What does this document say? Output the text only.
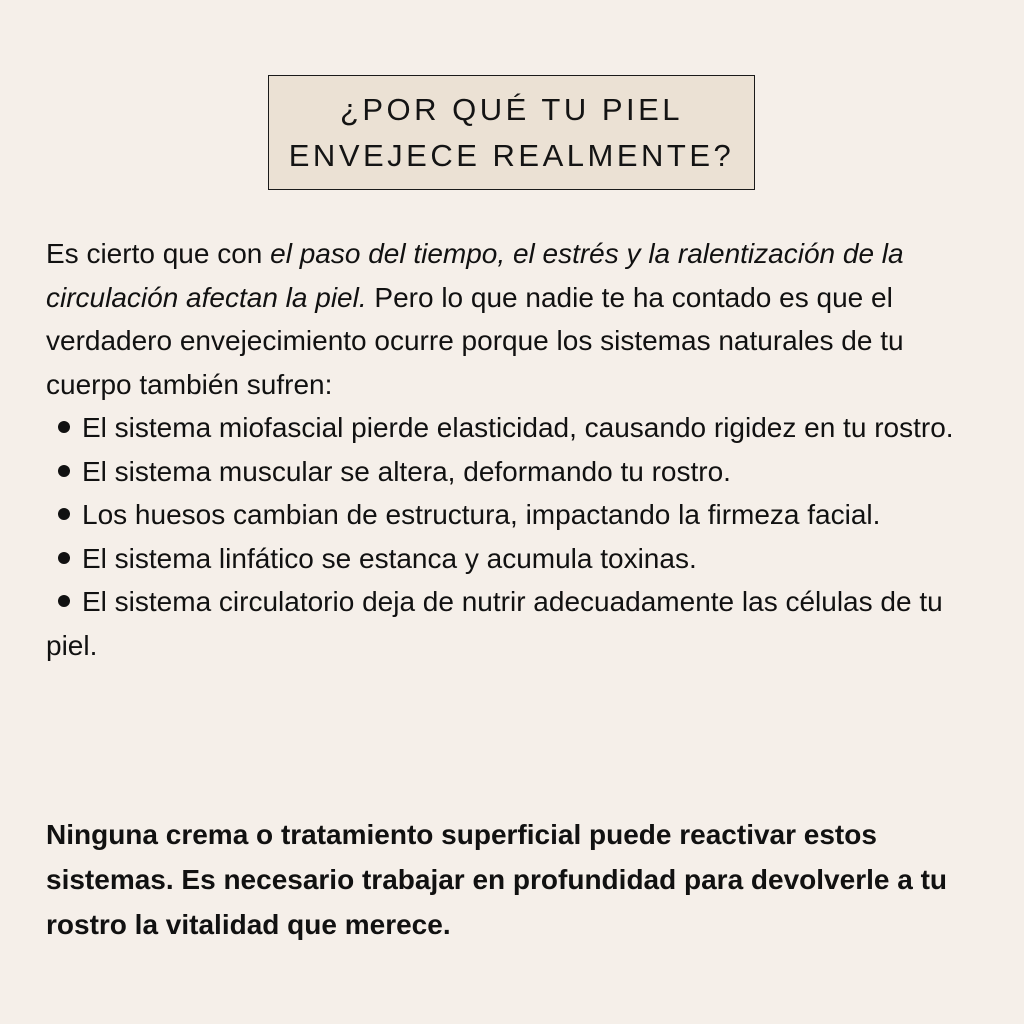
¿POR QUÉ TU PIEL
ENVEJECE REALMENTE?

Es cierto que con el paso del tiempo, el estrés y la ralentización de la circulación afectan la piel. Pero lo que nadie te ha contado es que el verdadero envejecimiento ocurre porque los sistemas naturales de tu cuerpo también sufren:

El sistema miofascial pierde elasticidad, causando rigidez en tu rostro.

El sistema muscular se altera, deformando tu rostro.

Los huesos cambian de estructura, impactando la firmeza facial.

El sistema linfático se estanca y acumula toxinas.

El sistema circulatorio deja de nutrir adecuadamente las células de tu piel.

Ninguna crema o tratamiento superficial puede reactivar estos sistemas. Es necesario trabajar en profundidad para devolverle a tu rostro la vitalidad que merece.
